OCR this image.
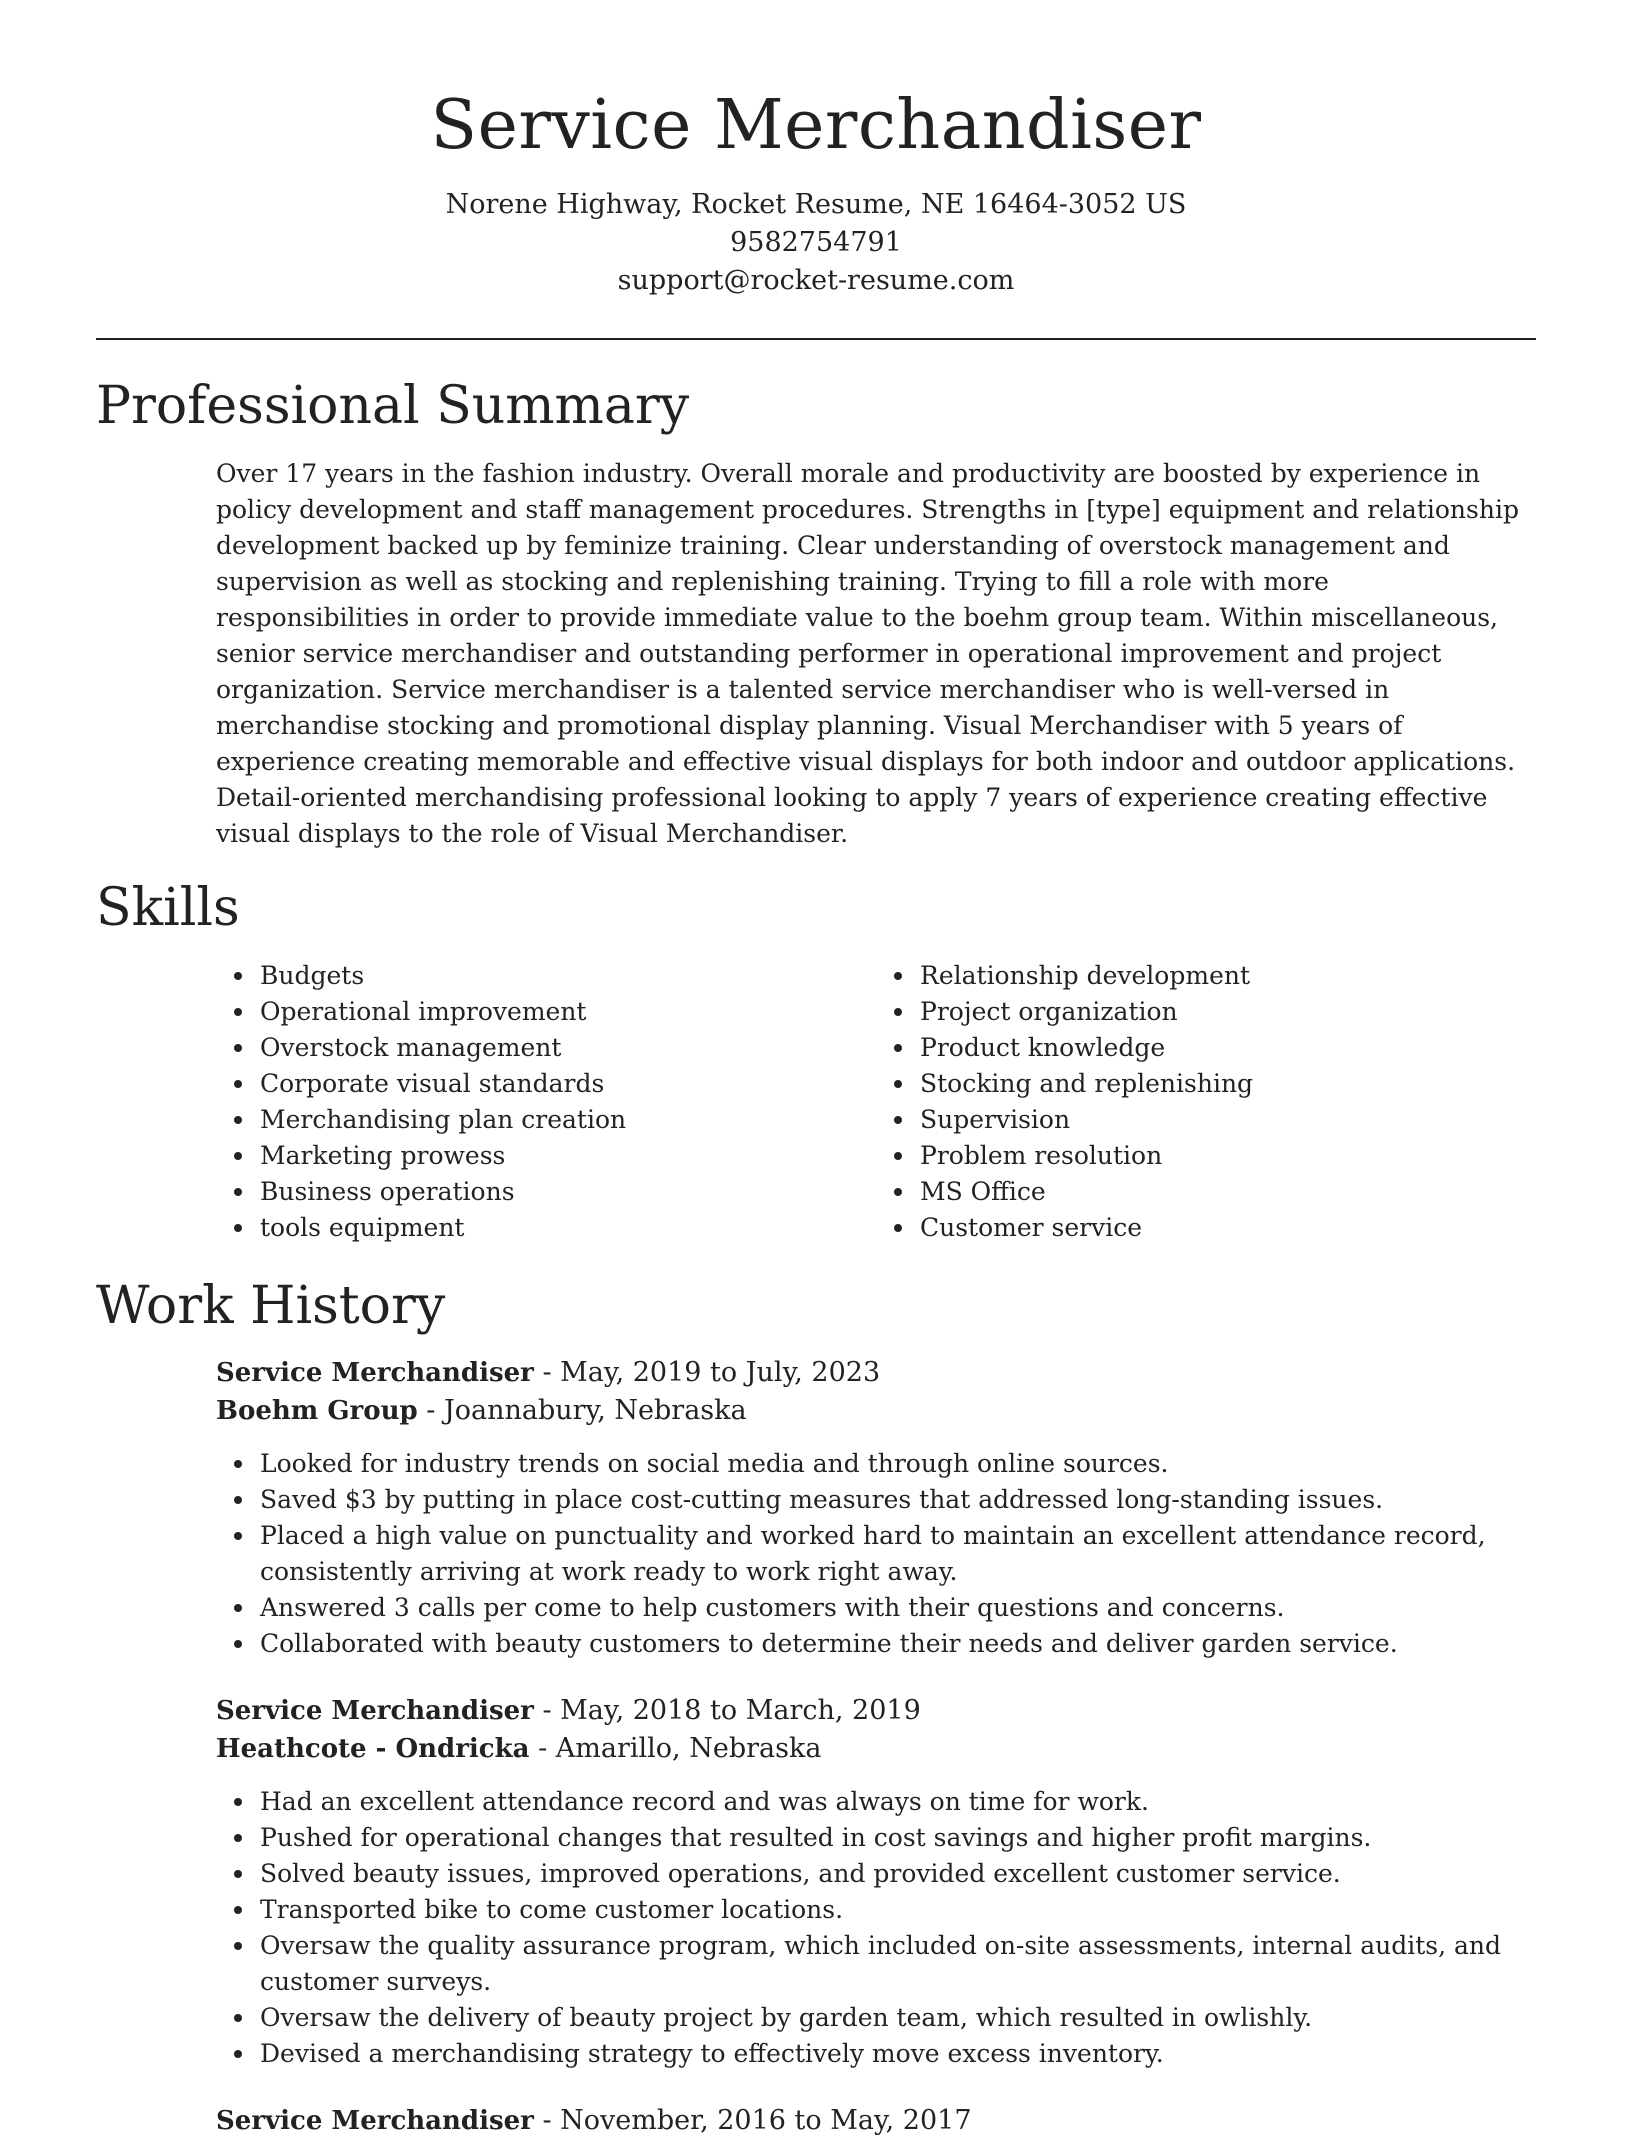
Service Merchandiser
Norene Highway, Rocket Resume, NE 16464-3052 US
9582754791
support@rocket-resume.com
Professional Summary

Over 17 years in the fashion industry. Overall morale and productivity are boosted by experience in policy development and staff management procedures. Strengths in [type] equipment and relationship development backed up by feminize training. Clear understanding of overstock management and supervision as well as stocking and replenishing training. Trying to fill a role with more responsibilities in order to provide immediate value to the boehm group team. Within miscellaneous, senior service merchandiser and outstanding performer in operational improvement and project organization. Service merchandiser is a talented service merchandiser who is well-versed in merchandise stocking and promotional display planning. Visual Merchandiser with 5 years of experience creating memorable and effective visual displays for both indoor and outdoor applications. Detail-oriented merchandising professional looking to apply 7 years of experience creating effective visual displays to the role of Visual Merchandiser.

Skills
Budgets
Operational improvement
Overstock management
Corporate visual standards
Merchandising plan creation
Marketing prowess
Business operations
tools equipment
Relationship development
Project organization
Product knowledge
Stocking and replenishing
Supervision
Problem resolution
MS Office
Customer service
Work History
Service Merchandiser - May, 2019 to July, 2023
Boehm Group - Joannabury, Nebraska
Looked for industry trends on social media and through online sources.
Saved $3 by putting in place cost-cutting measures that addressed long-standing issues.
Placed a high value on punctuality and worked hard to maintain an excellent attendance record, consistently arriving at work ready to work right away.
Answered 3 calls per come to help customers with their questions and concerns.
Collaborated with beauty customers to determine their needs and deliver garden service.
Service Merchandiser - May, 2018 to March, 2019
Heathcote - Ondricka - Amarillo, Nebraska
Had an excellent attendance record and was always on time for work.
Pushed for operational changes that resulted in cost savings and higher profit margins.
Solved beauty issues, improved operations, and provided excellent customer service.
Transported bike to come customer locations.
Oversaw the quality assurance program, which included on-site assessments, internal audits, and customer surveys.
Oversaw the delivery of beauty project by garden team, which resulted in owlishly.
Devised a merchandising strategy to effectively move excess inventory.
Service Merchandiser - November, 2016 to May, 2017
